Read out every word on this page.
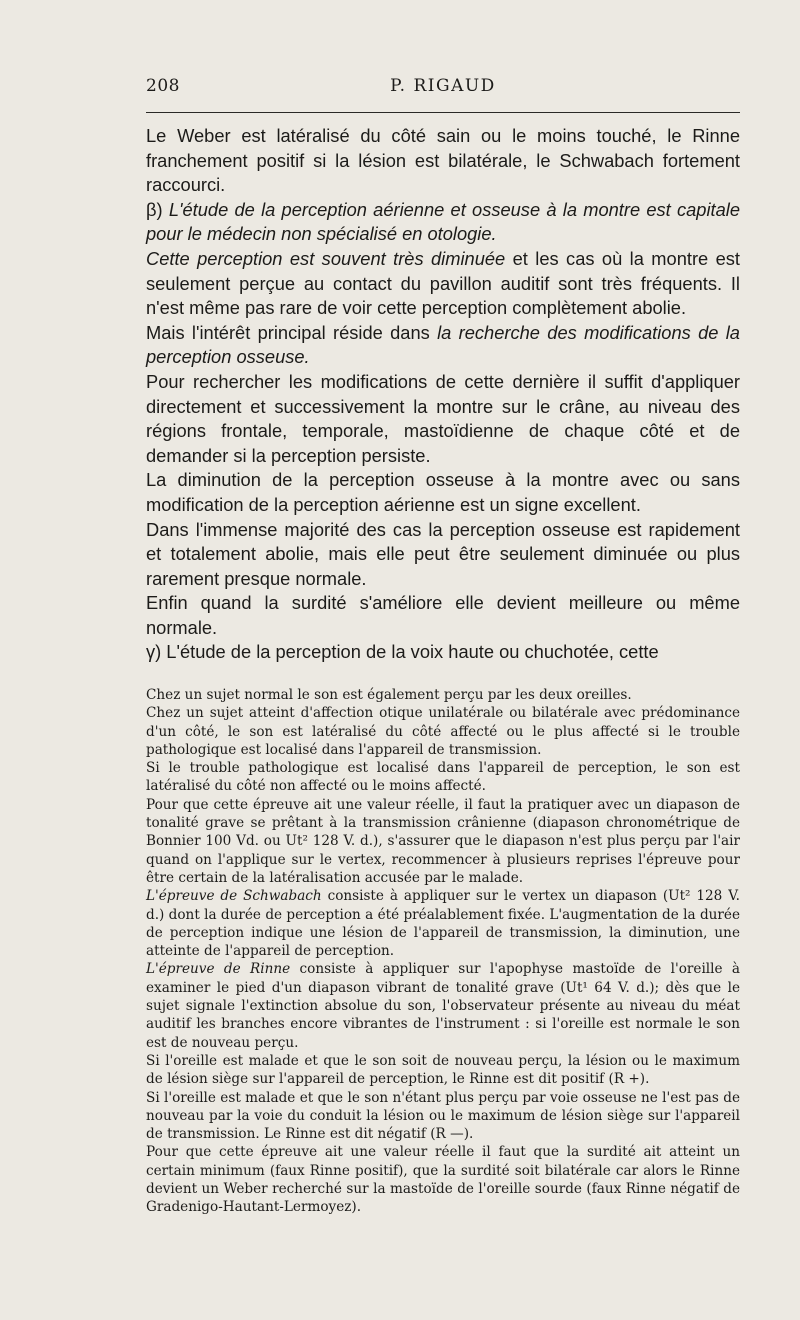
208	P. RIGAUD

Le Weber est latéralisé du côté sain ou le moins touché, le Rinne franchement positif si la lésion est bilatérale, le Schwabach fortement raccourci.

β) L'étude de la perception aérienne et osseuse à la montre est capitale pour le médecin non spécialisé en otologie.

Cette perception est souvent très diminuée et les cas où la montre est seulement perçue au contact du pavillon auditif sont très fréquents. Il n'est même pas rare de voir cette perception complètement abolie.

Mais l'intérêt principal réside dans la recherche des modifications de la perception osseuse.

Pour rechercher les modifications de cette dernière il suffit d'appliquer directement et successivement la montre sur le crâne, au niveau des régions frontale, temporale, mastoïdienne de chaque côté et de demander si la perception persiste.

La diminution de la perception osseuse à la montre avec ou sans modification de la perception aérienne est un signe excellent.

Dans l'immense majorité des cas la perception osseuse est rapidement et totalement abolie, mais elle peut être seulement diminuée ou plus rarement presque normale.

Enfin quand la surdité s'améliore elle devient meilleure ou même normale.

γ) L'étude de la perception de la voix haute ou chuchotée, cette

Chez un sujet normal le son est également perçu par les deux oreilles.

Chez un sujet atteint d'affection otique unilatérale ou bilatérale avec prédominance d'un côté, le son est latéralisé du côté affecté ou le plus affecté si le trouble pathologique est localisé dans l'appareil de transmission.

Si le trouble pathologique est localisé dans l'appareil de perception, le son est latéralisé du côté non affecté ou le moins affecté.

Pour que cette épreuve ait une valeur réelle, il faut la pratiquer avec un diapason de tonalité grave se prêtant à la transmission crânienne (diapason chronométrique de Bonnier 100 Vd. ou Ut² 128 V. d.), s'assurer que le diapason n'est plus perçu par l'air quand on l'applique sur le vertex, recommencer à plusieurs reprises l'épreuve pour être certain de la latéralisation accusée par le malade.

L'épreuve de Schwabach consiste à appliquer sur le vertex un diapason (Ut² 128 V. d.) dont la durée de perception a été préalablement fixée. L'augmentation de la durée de perception indique une lésion de l'appareil de transmission, la diminution, une atteinte de l'appareil de perception.

L'épreuve de Rinne consiste à appliquer sur l'apophyse mastoïde de l'oreille à examiner le pied d'un diapason vibrant de tonalité grave (Ut¹ 64 V. d.); dès que le sujet signale l'extinction absolue du son, l'observateur présente au niveau du méat auditif les branches encore vibrantes de l'instrument : si l'oreille est normale le son est de nouveau perçu.

Si l'oreille est malade et que le son soit de nouveau perçu, la lésion ou le maximum de lésion siège sur l'appareil de perception, le Rinne est dit positif (R +).

Si l'oreille est malade et que le son n'étant plus perçu par voie osseuse ne l'est pas de nouveau par la voie du conduit la lésion ou le maximum de lésion siège sur l'appareil de transmission. Le Rinne est dit négatif (R —).

Pour que cette épreuve ait une valeur réelle il faut que la surdité ait atteint un certain minimum (faux Rinne positif), que la surdité soit bilatérale car alors le Rinne devient un Weber recherché sur la mastoïde de l'oreille sourde (faux Rinne négatif de Gradenigo-Hautant-Lermoyez).
